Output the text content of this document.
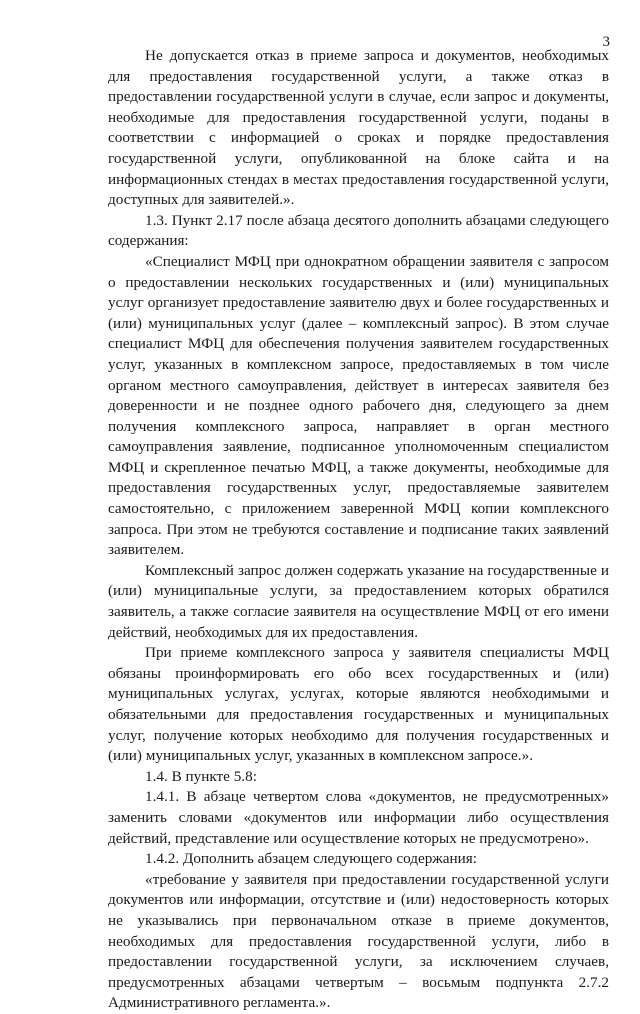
3

Не допускается отказ в приеме запроса и документов, необходимых для предоставления государственной услуги, а также отказ в предоставлении государственной услуги в случае, если запрос и документы, необходимые для предоставления государственной услуги, поданы в соответствии с информацией о сроках и порядке предоставления государственной услуги, опубликованной на блоке сайта и на информационных стендах в местах предоставления государственной услуги, доступных для заявителей.».

1.3. Пункт 2.17 после абзаца десятого дополнить абзацами следующего содержания:

«Специалист МФЦ при однократном обращении заявителя с запросом о предоставлении нескольких государственных и (или) муниципальных услуг организует предоставление заявителю двух и более государственных и (или) муниципальных услуг (далее – комплексный запрос). В этом случае специалист МФЦ для обеспечения получения заявителем государственных услуг, указанных в комплексном запросе, предоставляемых в том числе органом местного самоуправления, действует в интересах заявителя без доверенности и не позднее одного рабочего дня, следующего за днем получения комплексного запроса, направляет в орган местного самоуправления заявление, подписанное уполномоченным специалистом МФЦ и скрепленное печатью МФЦ, а также документы, необходимые для предоставления государственных услуг, предоставляемые заявителем самостоятельно, с приложением заверенной МФЦ копии комплексного запроса. При этом не требуются составление и подписание таких заявлений заявителем.

Комплексный запрос должен содержать указание на государственные и (или) муниципальные услуги, за предоставлением которых обратился заявитель, а также согласие заявителя на осуществление МФЦ от его имени действий, необходимых для их предоставления.

При приеме комплексного запроса у заявителя специалисты МФЦ обязаны проинформировать его обо всех государственных и (или) муниципальных услугах, услугах, которые являются необходимыми и обязательными для предоставления государственных и муниципальных услуг, получение которых необходимо для получения государственных и (или) муниципальных услуг, указанных в комплексном запросе.».

1.4. В пункте 5.8:

1.4.1. В абзаце четвертом слова «документов, не предусмотренных» заменить словами «документов или информации либо осуществления действий, представление или осуществление которых не предусмотрено».

1.4.2. Дополнить абзацем следующего содержания:

«требование у заявителя при предоставлении государственной услуги документов или информации, отсутствие и (или) недостоверность которых не указывались при первоначальном отказе в приеме документов, необходимых для предоставления государственной услуги, либо в предоставлении государственной услуги, за исключением случаев, предусмотренных абзацами четвертым – восьмым подпункта 2.7.2 Административного регламента.».
